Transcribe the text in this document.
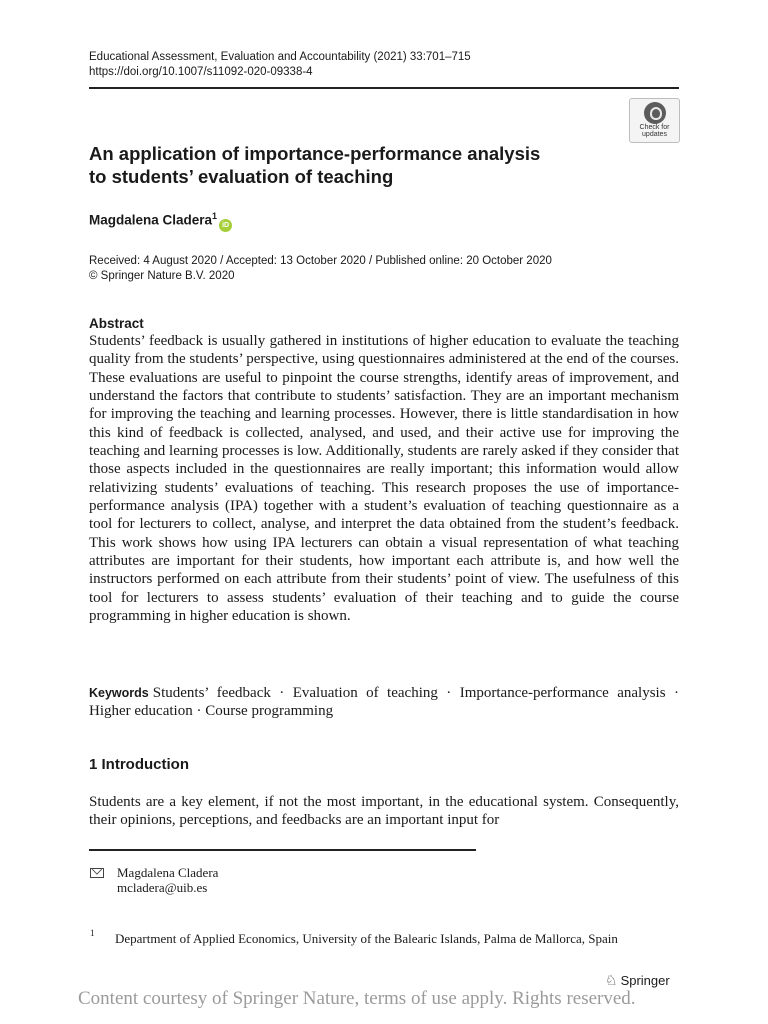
Educational Assessment, Evaluation and Accountability (2021) 33:701–715
https://doi.org/10.1007/s11092-020-09338-4
Check for
updates
An application of importance-performance analysis
to students’ evaluation of teaching
Magdalena Cladera$^1$iD
Received: 4 August 2020 / Accepted: 13 October 2020 / Published online: 20 October 2020
© Springer Nature B.V. 2020
Abstract
Students’ feedback is usually gathered in institutions of higher education to evaluate the teaching quality from the students’ perspective, using questionnaires administered at the end of the courses. These evaluations are useful to pinpoint the course strengths, identify areas of improvement, and understand the factors that contribute to students’ satisfaction. They are an important mechanism for improving the teaching and learning processes. However, there is little standardisation in how this kind of feedback is collected, analysed, and used, and their active use for improving the teaching and learning processes is low. Additionally, students are rarely asked if they consider that those aspects included in the questionnaires are really important; this information would allow relativizing students’ evaluations of teaching. This research proposes the use of importance-performance analysis (IPA) together with a student’s evaluation of teaching questionnaire as a tool for lecturers to collect, analyse, and interpret the data obtained from the student’s feedback. This work shows how using IPA lecturers can obtain a visual representation of what teaching attributes are important for their students, how important each attribute is, and how well the instructors performed on each attribute from their students’ point of view. The usefulness of this tool for lecturers to assess students’ evaluation of their teaching and to guide the course programming in higher education is shown.
Keywords Students’ feedback · Evaluation of teaching · Importance-performance analysis · Higher education · Course programming
1 Introduction
Students are a key element, if not the most important, in the educational system. Consequently, their opinions, perceptions, and feedbacks are an important input for
Magdalena Cladera
mcladera@uib.es
1 Department of Applied Economics, University of the Balearic Islands, Palma de Mallorca, Spain
♘ Springer
Content courtesy of Springer Nature, terms of use apply. Rights reserved.
